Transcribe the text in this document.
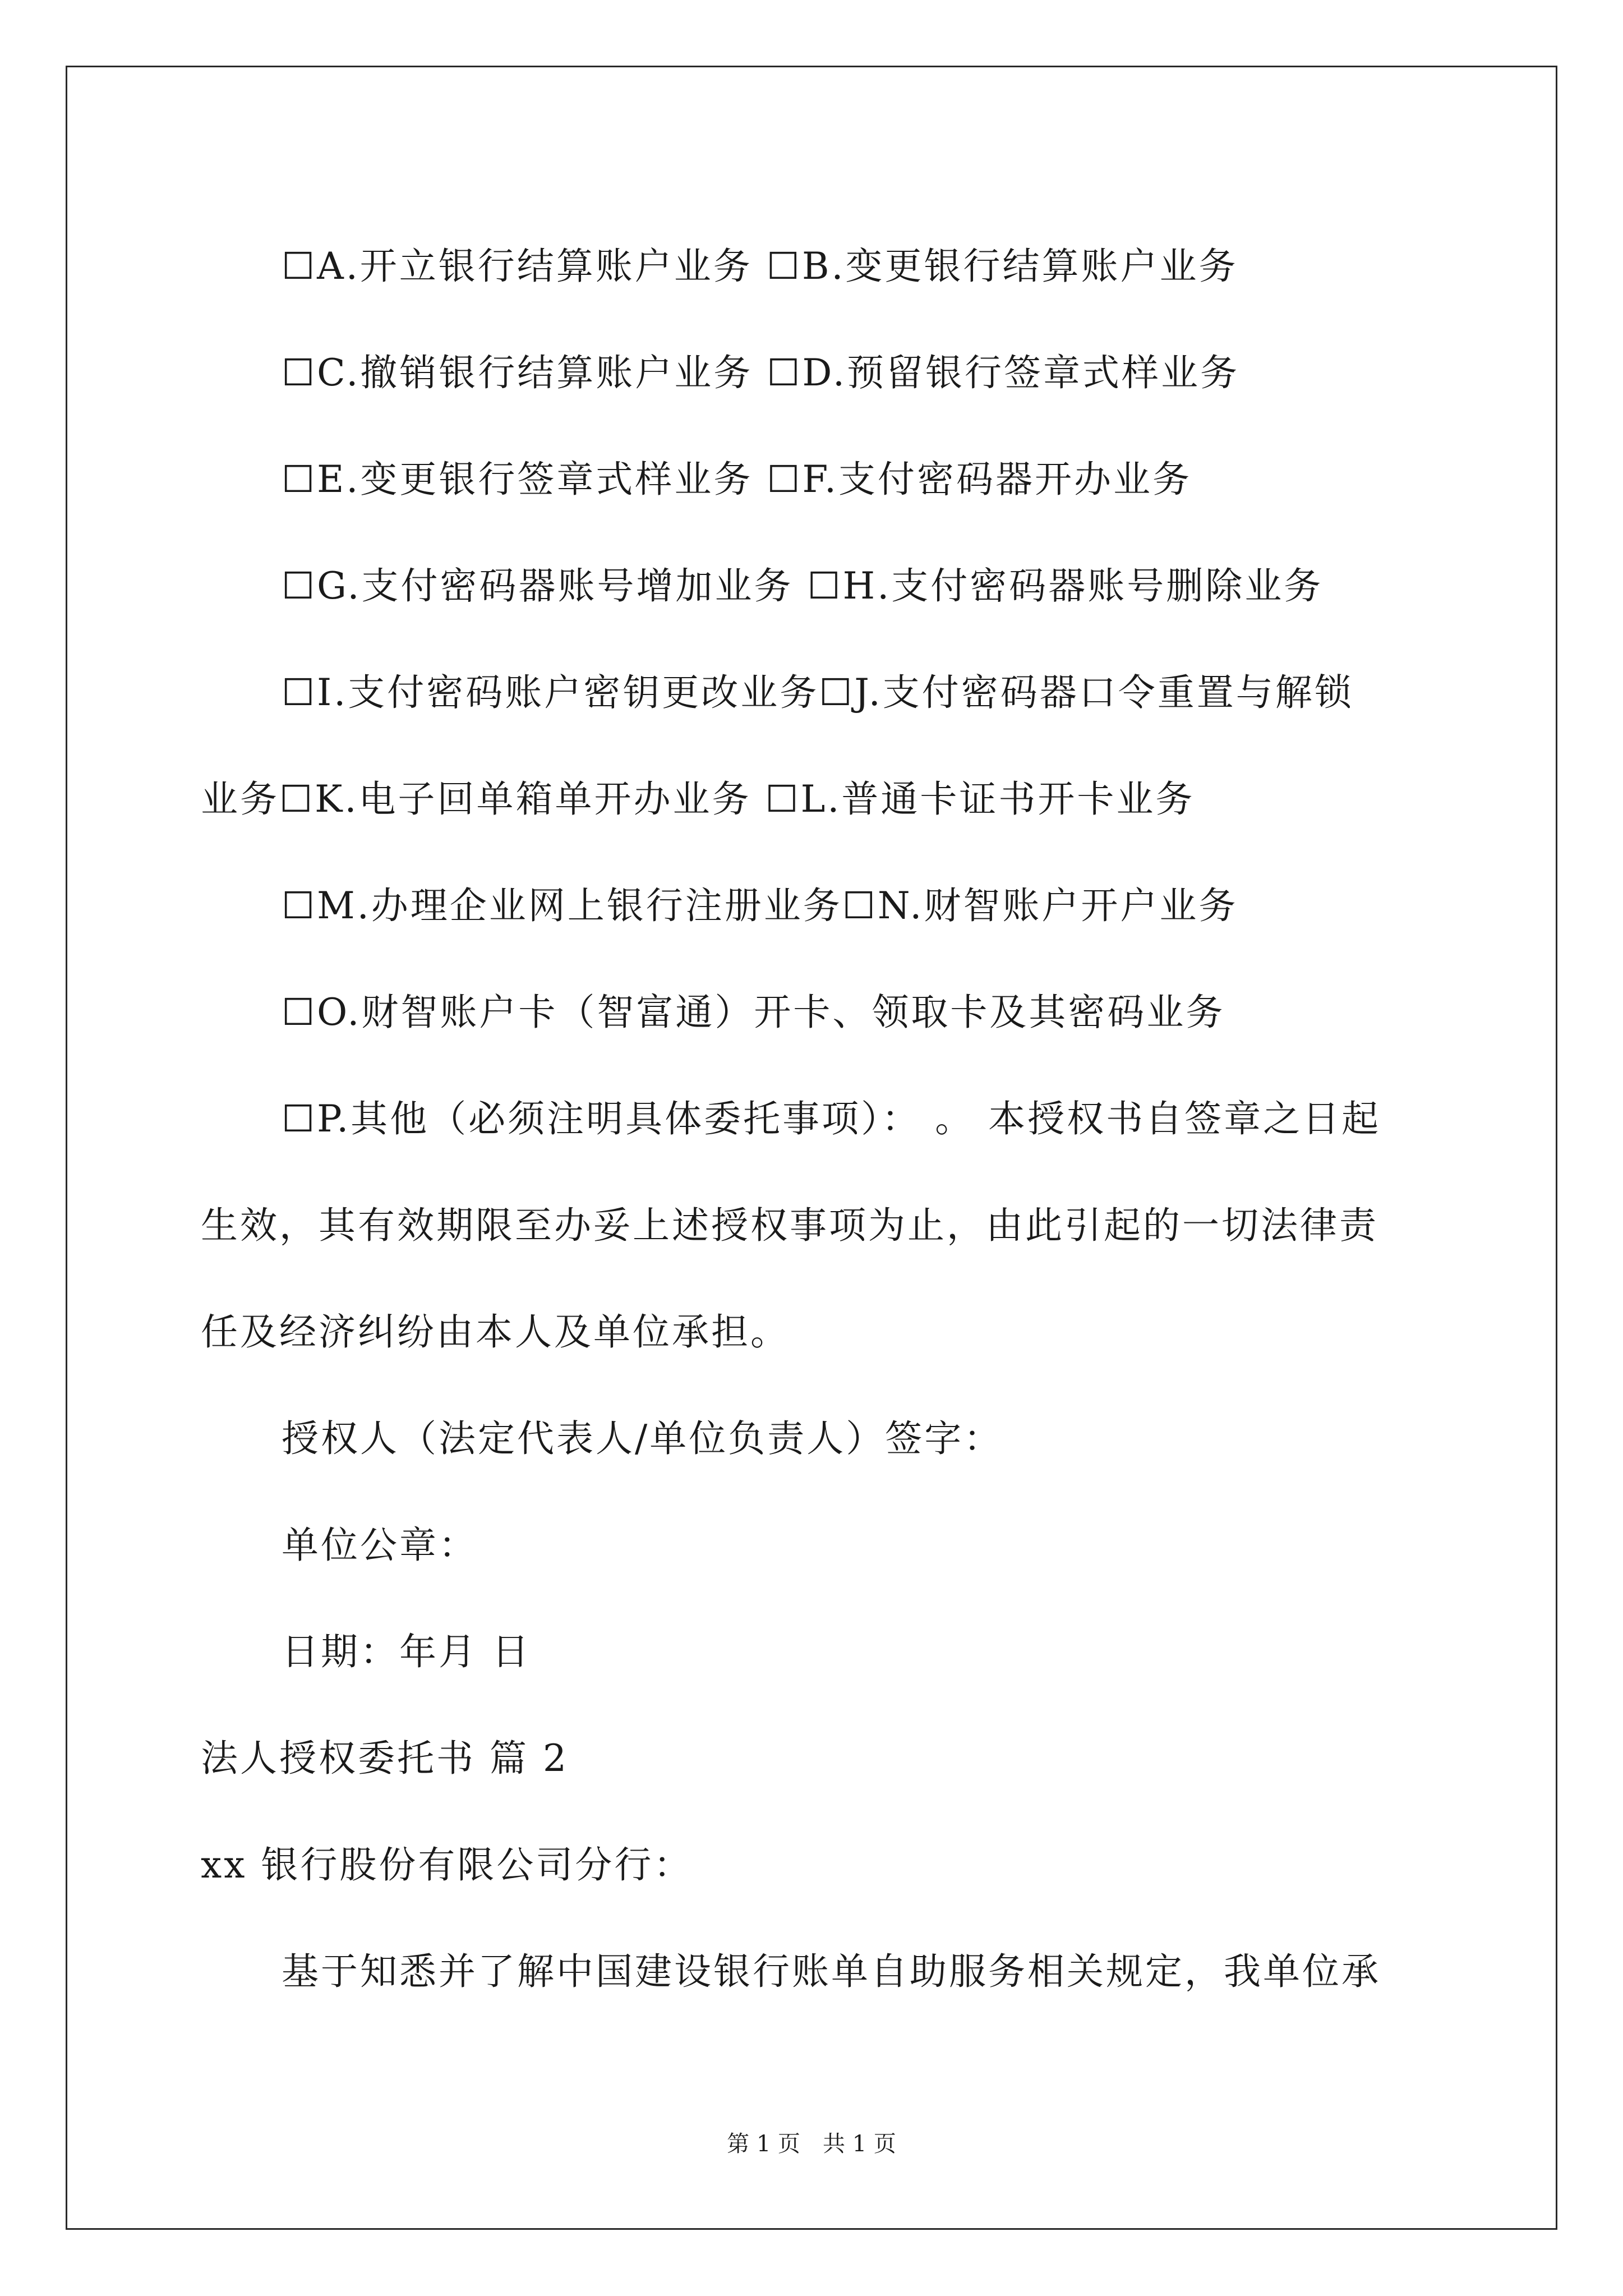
☐A.开立银行结算账户业务 ☐B.变更银行结算账户业务

☐C.撤销银行结算账户业务 ☐D.预留银行签章式样业务

☐E.变更银行签章式样业务 ☐F.支付密码器开办业务

☐G.支付密码器账号增加业务 ☐H.支付密码器账号删除业务

☐I.支付密码账户密钥更改业务☐J.支付密码器口令重置与解锁

业务☐K.电子回单箱单开办业务 ☐L.普通卡证书开卡业务

☐M.办理企业网上银行注册业务☐N.财智账户开户业务

☐O.财智账户卡（智富通）开卡、领取卡及其密码业务

☐P.其他（必须注明具体委托事项）： 。 本授权书自签章之日起

生效，其有效期限至办妥上述授权事项为止，由此引起的一切法律责

任及经济纠纷由本人及单位承担。

授权人（法定代表人/单位负责人）签字：

单位公章：

日期：年月 日

法人授权委托书 篇 2

xx 银行股份有限公司分行：

基于知悉并了解中国建设银行账单自助服务相关规定，我单位承

第 1 页　共 1 页
